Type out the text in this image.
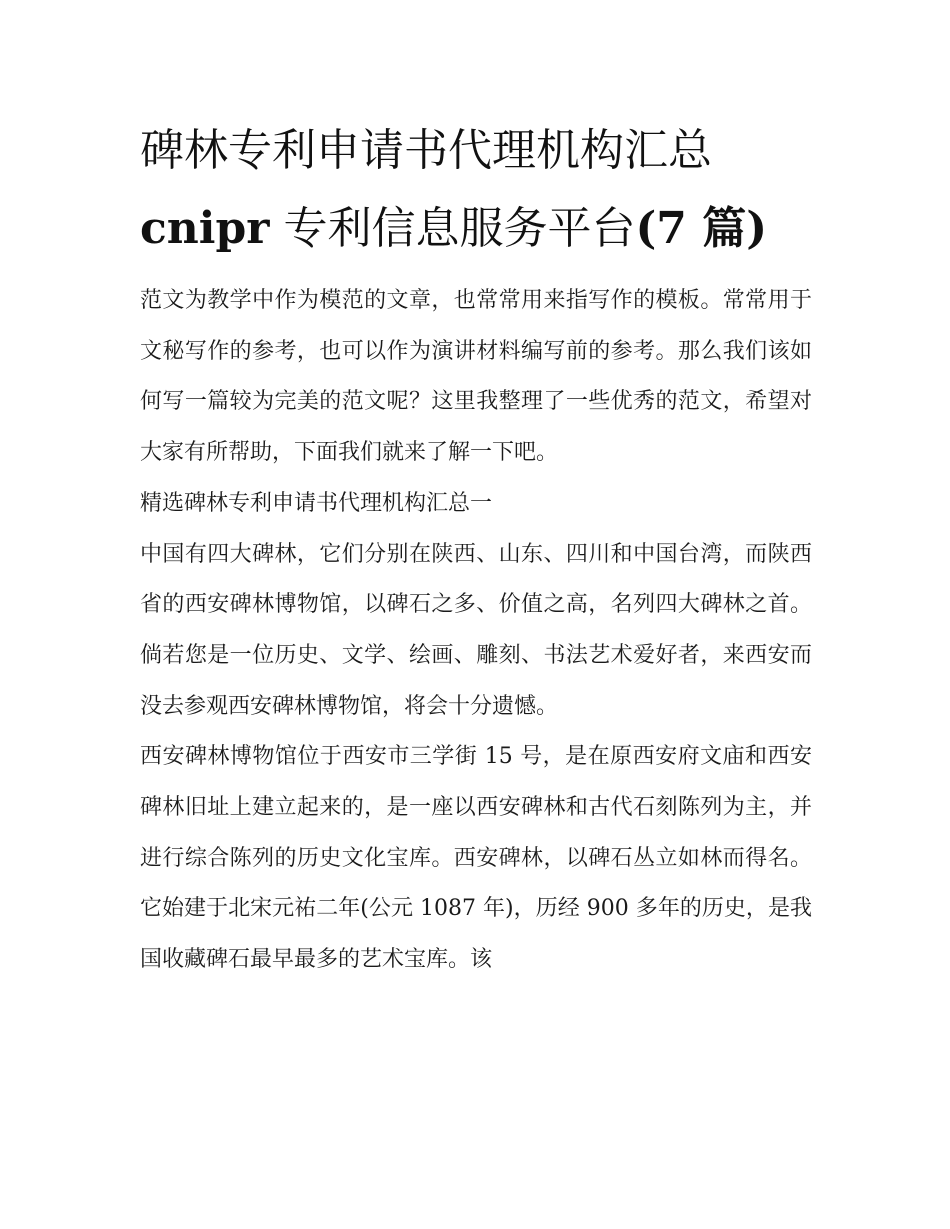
碑林专利申请书代理机构汇总
cnipr 专利信息服务平台(7 篇)

范文为教学中作为模范的文章，也常常用来指写作的模板。常常用于文秘写作的参考，也可以作为演讲材料编写前的参考。那么我们该如何写一篇较为完美的范文呢？这里我整理了一些优秀的范文，希望对大家有所帮助，下面我们就来了解一下吧。

精选碑林专利申请书代理机构汇总一

中国有四大碑林，它们分别在陕西、山东、四川和中国台湾，而陕西省的西安碑林博物馆，以碑石之多、价值之高，名列四大碑林之首。倘若您是一位历史、文学、绘画、雕刻、书法艺术爱好者，来西安而没去参观西安碑林博物馆，将会十分遗憾。

西安碑林博物馆位于西安市三学街 15 号，是在原西安府文庙和西安碑林旧址上建立起来的，是一座以西安碑林和古代石刻陈列为主，并进行综合陈列的历史文化宝库。西安碑林，以碑石丛立如林而得名。它始建于北宋元祐二年(公元 1087 年)，历经 900 多年的历史，是我国收藏碑石最早最多的艺术宝库。该
